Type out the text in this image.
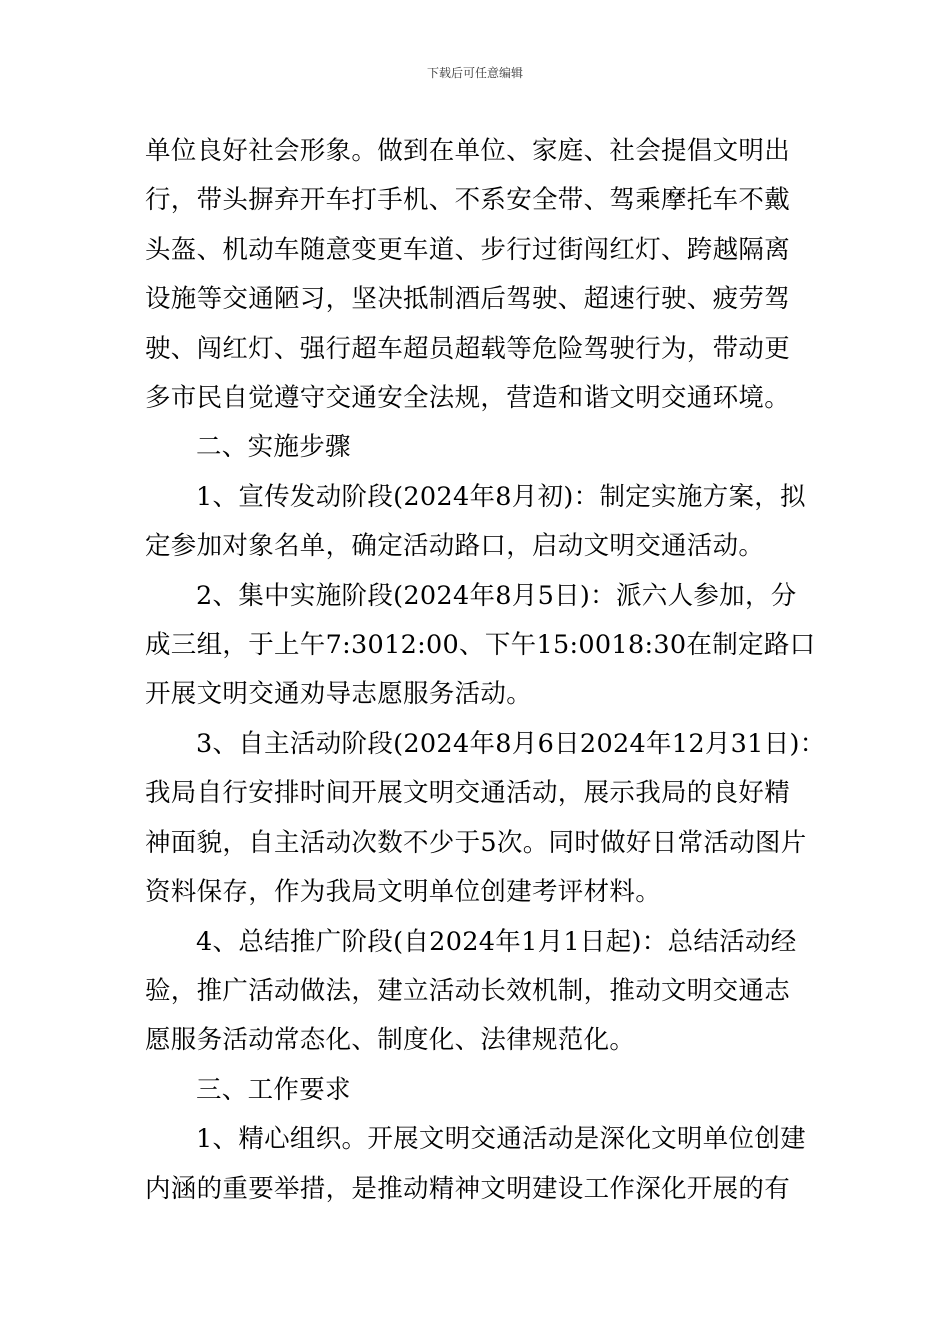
下载后可任意编辑
单位良好社会形象。做到在单位、家庭、社会提倡文明出
行，带头摒弃开车打手机、不系安全带、驾乘摩托车不戴
头盔、机动车随意变更车道、步行过街闯红灯、跨越隔离
设施等交通陋习，坚决抵制酒后驾驶、超速行驶、疲劳驾
驶、闯红灯、强行超车超员超载等危险驾驶行为，带动更
多市民自觉遵守交通安全法规，营造和谐文明交通环境。
二、实施步骤
1、宣传发动阶段(2024年8月初)：制定实施方案，拟
定参加对象名单，确定活动路口，启动文明交通活动。
2、集中实施阶段(2024年8月5日)：派六人参加，分
成三组，于上午7:3012:00、下午15:0018:30在制定路口
开展文明交通劝导志愿服务活动。
3、自主活动阶段(2024年8月6日2024年12月31日)：
我局自行安排时间开展文明交通活动，展示我局的良好精
神面貌，自主活动次数不少于5次。同时做好日常活动图片
资料保存，作为我局文明单位创建考评材料。
4、总结推广阶段(自2024年1月1日起)：总结活动经
验，推广活动做法，建立活动长效机制，推动文明交通志
愿服务活动常态化、制度化、法律规范化。
三、工作要求
1、精心组织。开展文明交通活动是深化文明单位创建
内涵的重要举措，是推动精神文明建设工作深化开展的有
